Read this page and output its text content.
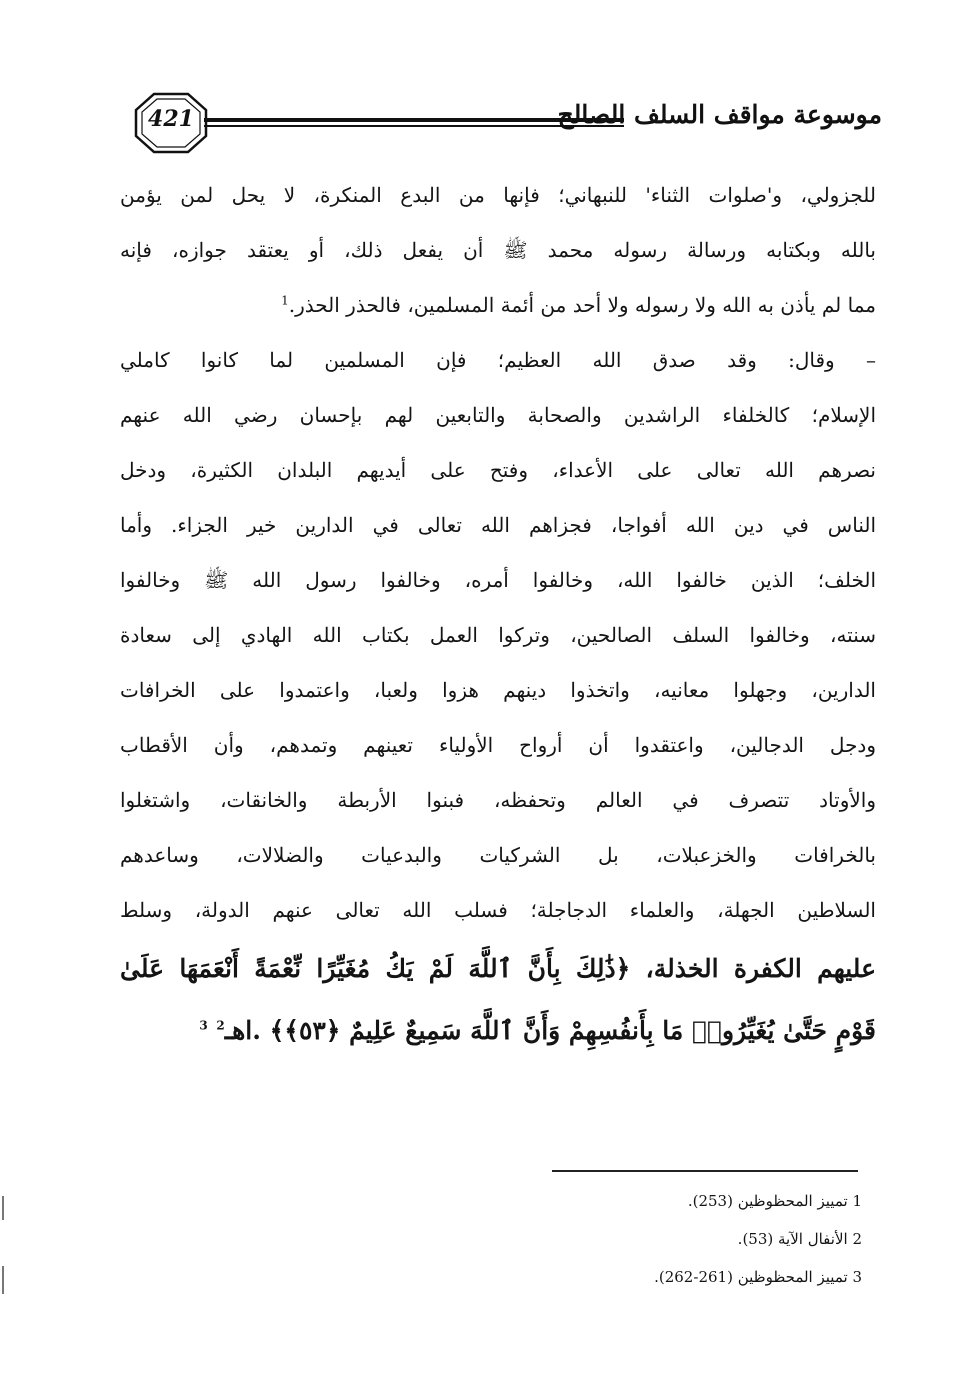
421	موسوعة مواقف السلف الصالح
للجزولي، و'صلوات الثناء' للنبهاني؛ فإنها من البدع المنكرة، لا يحل لمن يؤمن
بالله وبكتابه ورسالة رسوله محمد ﷺ أن يفعل ذلك، أو يعتقد جوازه، فإنه
مما لم يأذن به الله ولا رسوله ولا أحد من أئمة المسلمين، فالحذر الحذر.$^1$
– وقال: وقد صدق الله العظيم؛ فإن المسلمين لما كانوا كاملي
الإسلام؛ كالخلفاء الراشدين والصحابة والتابعين لهم بإحسان رضي الله عنهم
نصرهم الله تعالى على الأعداء، وفتح على أيديهم البلدان الكثيرة، ودخل
الناس في دين الله أفواجا، فجزاهم الله تعالى في الدارين خير الجزاء. وأما
الخلف؛ الذين خالفوا الله، وخالفوا أمره، وخالفوا رسول الله ﷺ وخالفوا
سنته، وخالفوا السلف الصالحين، وتركوا العمل بكتاب الله الهادي إلى سعادة
الدارين، وجهلوا معانيه، واتخذوا دينهم هزوا ولعبا، واعتمدوا على الخرافات
ودجل الدجالين، واعتقدوا أن أرواح الأولياء تعينهم وتمدهم، وأن الأقطاب
والأوتاد تتصرف في العالم وتحفظه، فبنوا الأربطة والخانقات، واشتغلوا
بالخرافات والخزعبلات، بل الشركيات والبدعيات والضلالات، وساعدهم
السلاطين الجهلة، والعلماء الدجاجلة؛ فسلب الله تعالى عنهم الدولة، وسلط
عليهم الكفرة الخذلة، ﴿ذَٰلِكَ بِأَنَّ ٱللَّهَ لَمْ يَكُ مُغَيِّرًا نِّعْمَةً أَنْعَمَهَا عَلَىٰ
قَوْمٍ حَتَّىٰ يُغَيِّرُوا۟ مَا بِأَنفُسِهِمْ وَأَنَّ ٱللَّهَ سَمِيعٌ عَلِيمٌ ﴿٥٣﴾﴾ .اهـ$^2$ $^3$
1 تمييز المحظوظين (253).
2 الأنفال الآية (53).
3 تمييز المحظوظين (261-262).
